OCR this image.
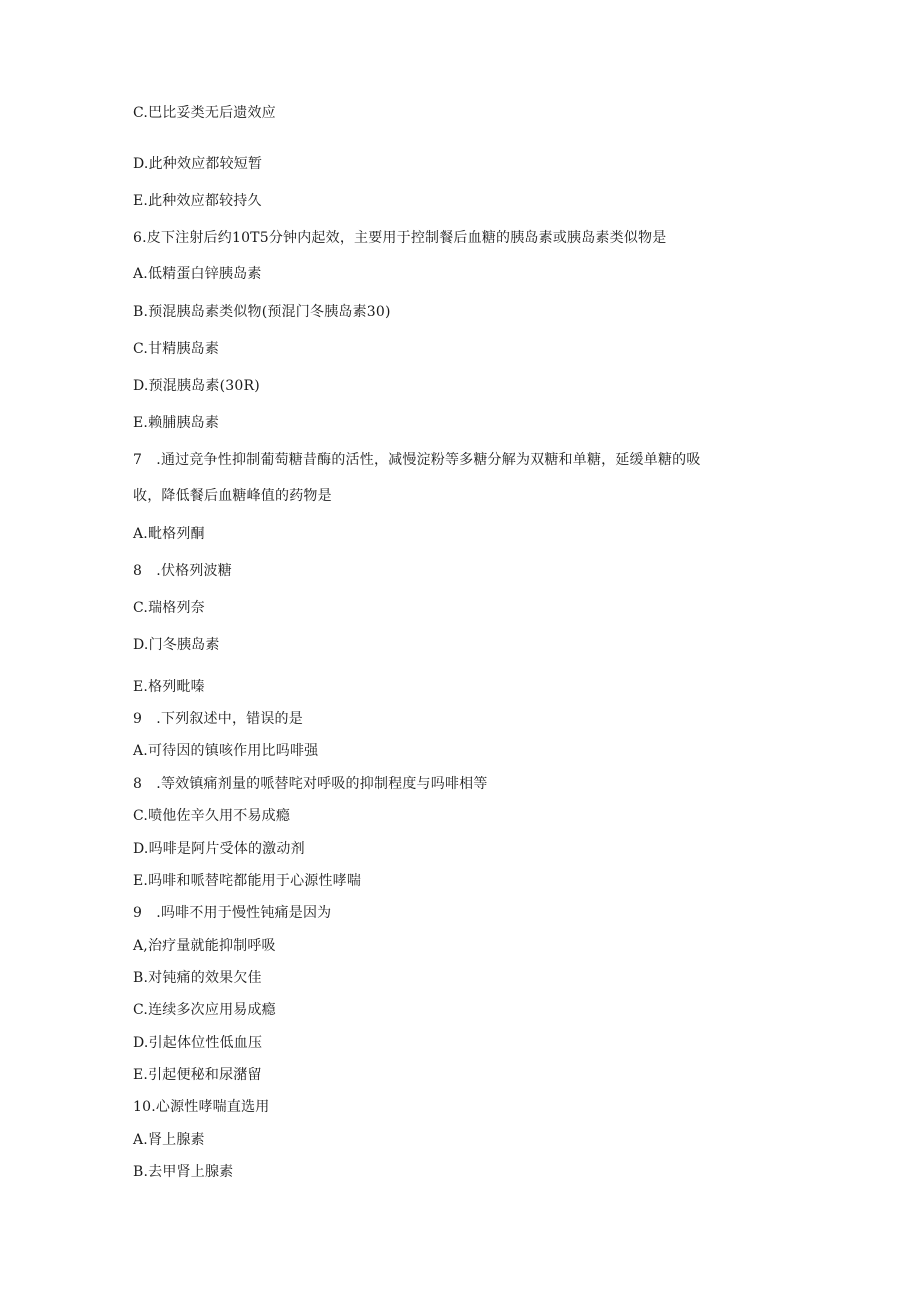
C.巴比妥类无后遗效应
D.此种效应都较短暂
E.此种效应都较持久
6.皮下注射后约10T5分钟内起效，主要用于控制餐后血糖的胰岛素或胰岛素类似物是
A.低精蛋白锌胰岛素
B.预混胰岛素类似物(预混门冬胰岛素30)
C.甘精胰岛素
D.预混胰岛素(30R)
E.赖脯胰岛素
7　.通过竞争性抑制葡萄糖昔酶的活性，减慢淀粉等多糖分解为双糖和单糖，延缓单糖的吸
收，降低餐后血糖峰值的药物是
A.毗格列酮
8　.伏格列波糖
C.瑞格列奈
D.门冬胰岛素
E.格列毗嗪
9　.下列叙述中，错误的是
A.可待因的镇咳作用比吗啡强
8　.等效镇痛剂量的哌替咤对呼吸的抑制程度与吗啡相等
C.喷他佐辛久用不易成瘾
D.吗啡是阿片受体的激动剂
E.吗啡和哌替咤都能用于心源性哮喘
9　.吗啡不用于慢性钝痛是因为
A,治疗量就能抑制呼吸
B.对钝痛的效果欠佳
C.连续多次应用易成瘾
D.引起体位性低血压
E.引起便秘和尿潴留
10.心源性哮喘直选用
A.肾上腺素
B.去甲肾上腺素
